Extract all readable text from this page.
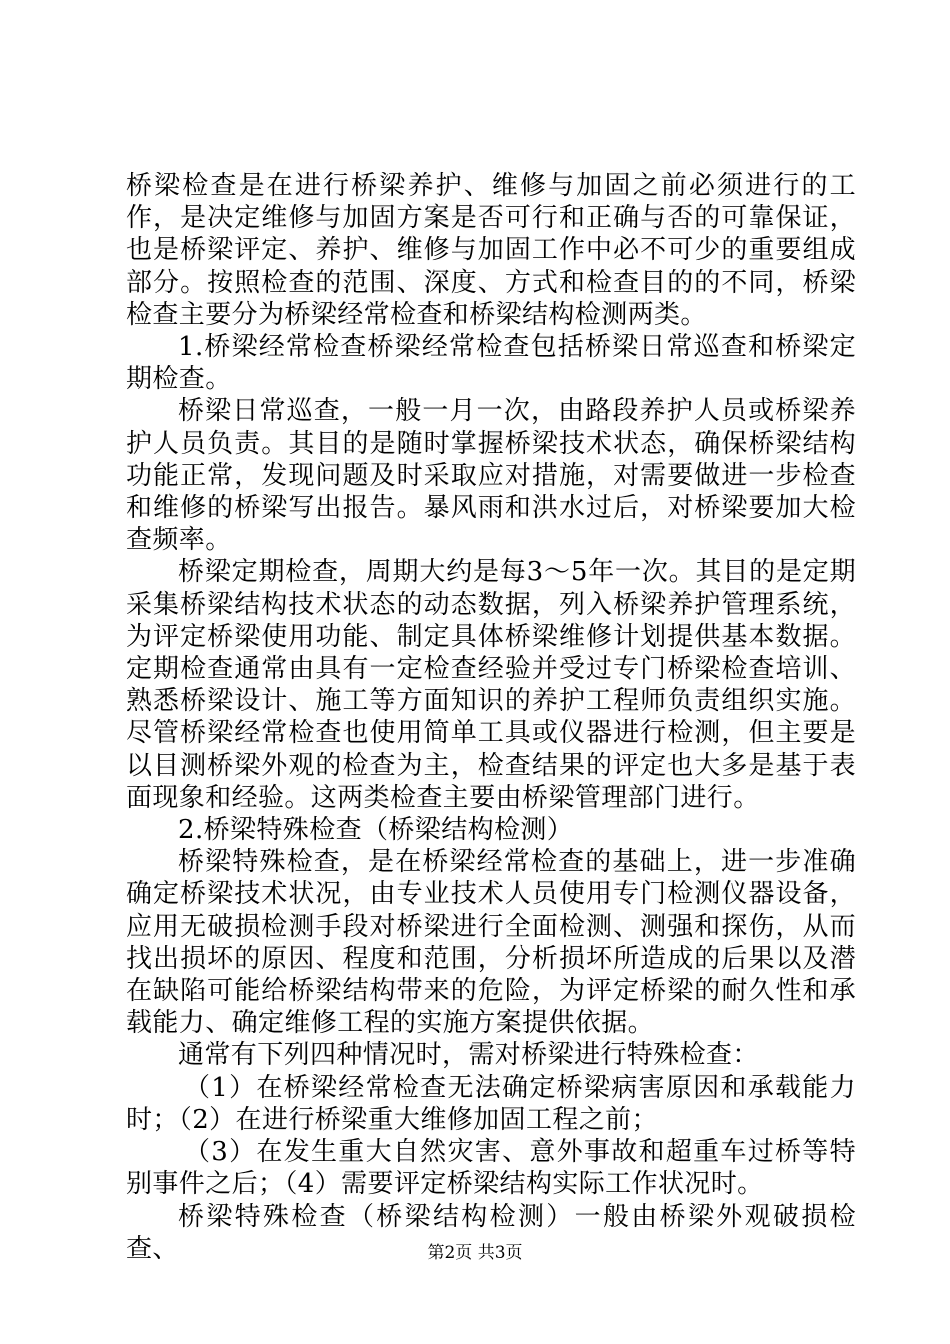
桥梁检查是在进行桥梁养护、维修与加固之前必须进行的工作，是决定维修与加固方案是否可行和正确与否的可靠保证，也是桥梁评定、养护、维修与加固工作中必不可少的重要组成部分。按照检查的范围、深度、方式和检查目的的不同，桥梁检查主要分为桥梁经常检查和桥梁结构检测两类。

1.桥梁经常检查桥梁经常检查包括桥梁日常巡查和桥梁定期检查。

桥梁日常巡查，一般一月一次，由路段养护人员或桥梁养护人员负责。其目的是随时掌握桥梁技术状态，确保桥梁结构功能正常，发现问题及时采取应对措施，对需要做进一步检查和维修的桥梁写出报告。暴风雨和洪水过后，对桥梁要加大检查频率。

桥梁定期检查，周期大约是每3～5年一次。其目的是定期采集桥梁结构技术状态的动态数据，列入桥梁养护管理系统，为评定桥梁使用功能、制定具体桥梁维修计划提供基本数据。定期检查通常由具有一定检查经验并受过专门桥梁检查培训、熟悉桥梁设计、施工等方面知识的养护工程师负责组织实施。尽管桥梁经常检查也使用简单工具或仪器进行检测，但主要是以目测桥梁外观的检查为主，检查结果的评定也大多是基于表面现象和经验。这两类检查主要由桥梁管理部门进行。

2.桥梁特殊检查（桥梁结构检测）

桥梁特殊检查，是在桥梁经常检查的基础上，进一步准确确定桥梁技术状况，由专业技术人员使用专门检测仪器设备，应用无破损检测手段对桥梁进行全面检测、测强和探伤，从而找出损坏的原因、程度和范围，分析损坏所造成的后果以及潜在缺陷可能给桥梁结构带来的危险，为评定桥梁的耐久性和承载能力、确定维修工程的实施方案提供依据。

通常有下列四种情况时，需对桥梁进行特殊检查：

（1）在桥梁经常检查无法确定桥梁病害原因和承载能力时；（2）在进行桥梁重大维修加固工程之前；

（3）在发生重大自然灾害、意外事故和超重车过桥等特别事件之后；（4）需要评定桥梁结构实际工作状况时。

桥梁特殊检查（桥梁结构检测）一般由桥梁外观破损检查、	第2页 共3页
